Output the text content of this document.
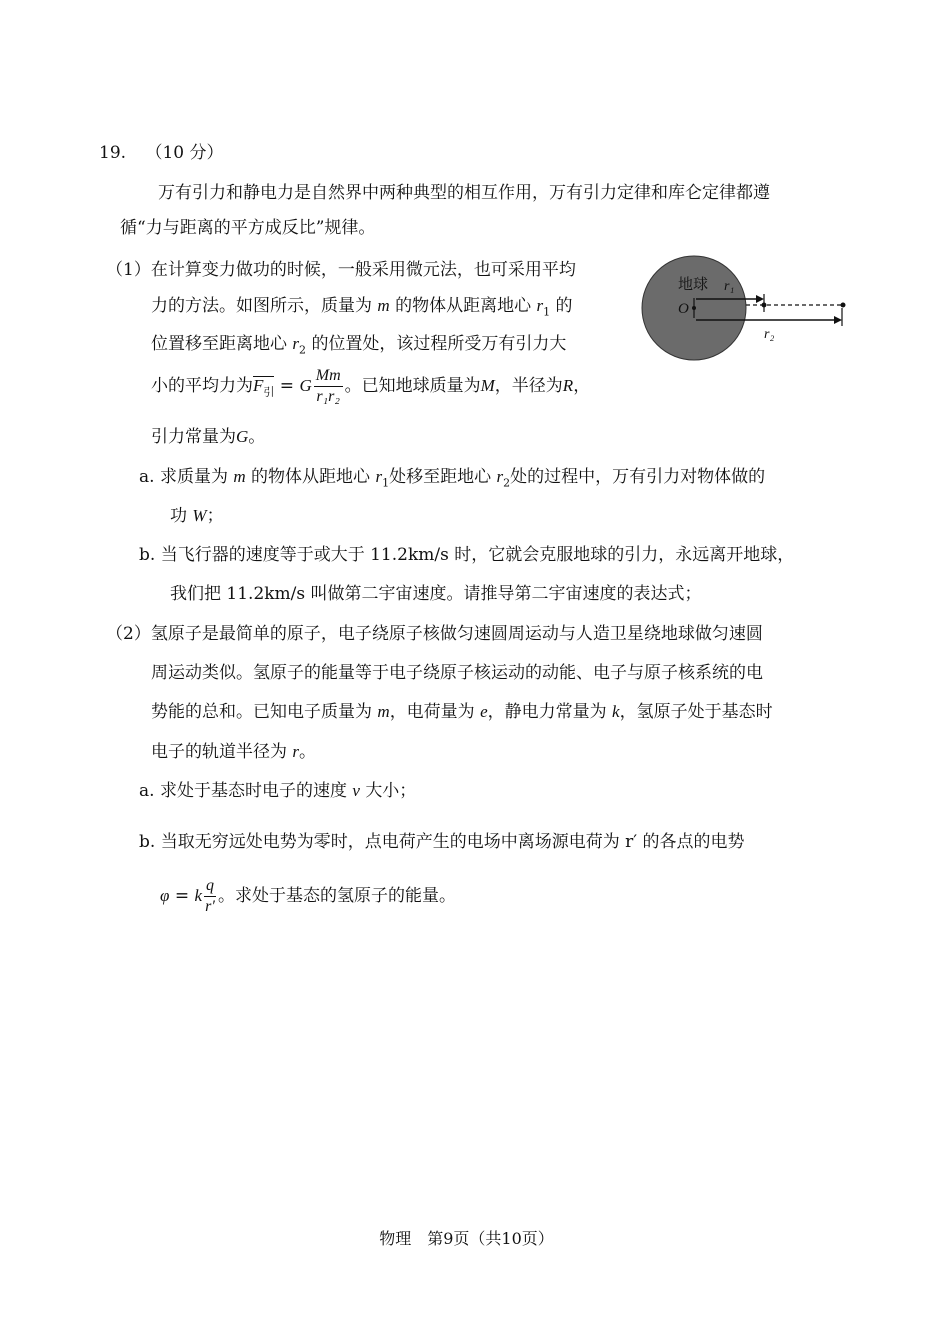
19. （10 分）
万有引力和静电力是自然界中两种典型的相互作用，万有引力定律和库仑定律都遵
循“力与距离的平方成反比”规律。
（1）在计算变力做功的时候，一般采用微元法，也可采用平均
力的方法。如图所示，质量为 m 的物体从距离地心 $r_1$ 的
位置移至距离地心 $r_2$ 的位置处，该过程所受万有引力大
小的平均力为$F_引 = G \frac{Mm}{\text{r₁r₂}}$ 。已知地球质量为M，半径为R，
引力常量为G。
地球
O
r₁
r₂
a. 求质量为 m 的物体从距地心 $r_1$处移至距地心 $r_2$处的过程中，万有引力对物体做的
功 W；
b. 当飞行器的速度等于或大于 11.2km/s 时，它就会克服地球的引力，永远离开地球，
我们把 11.2km/s 叫做第二宇宙速度。请推导第二宇宙速度的表达式；
（2）氢原子是最简单的原子，电子绕原子核做匀速圆周运动与人造卫星绕地球做匀速圆
周运动类似。氢原子的能量等于电子绕原子核运动的动能、电子与原子核系统的电
势能的总和。已知电子质量为 m，电荷量为 e，静电力常量为 k，氢原子处于基态时
电子的轨道半径为 r。
a. 求处于基态时电子的速度 v 大小；
b. 当取无穷远处电势为零时，点电荷产生的电场中离场源电荷为 r′ 的各点的电势
φ = k $\frac{q}{r'}$ 。求处于基态的氢原子的能量。
物理　第9页（共10页）
